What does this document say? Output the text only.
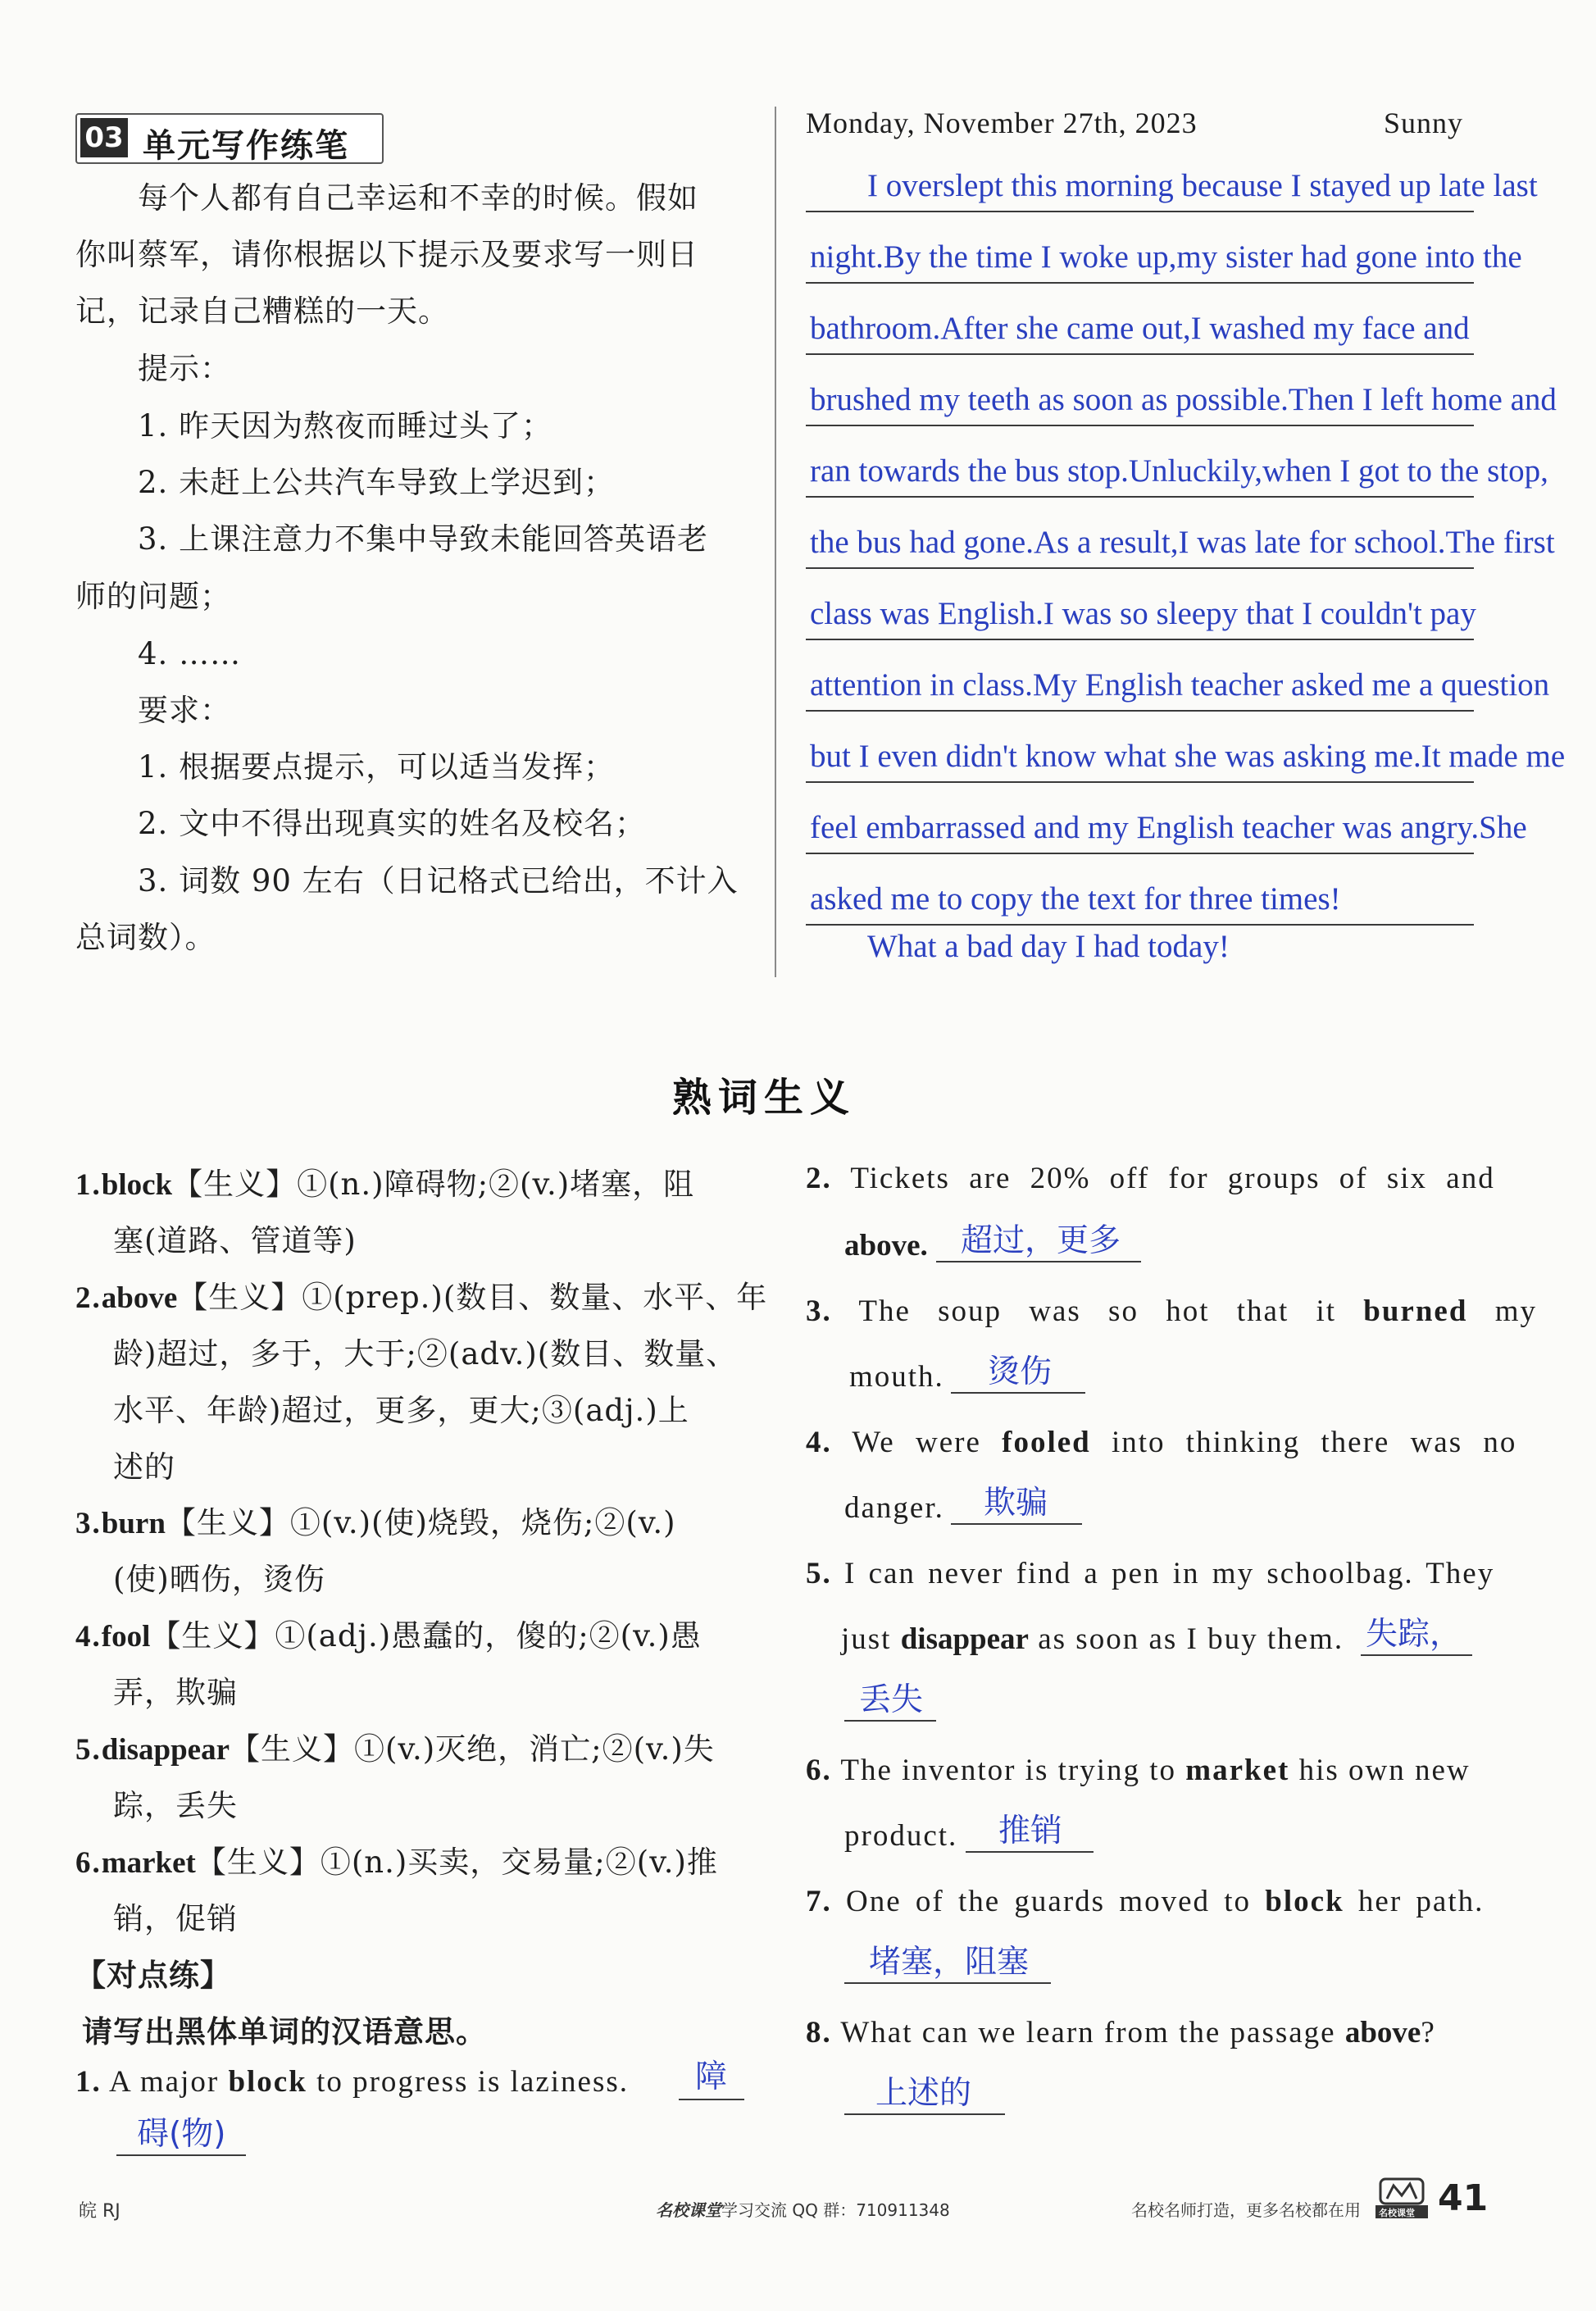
03 单元写作练笔
每个人都有自己幸运和不幸的时候。假如
你叫蔡军，请你根据以下提示及要求写一则日
记，记录自己糟糕的一天。
提示：
1. 昨天因为熬夜而睡过头了；
2. 未赶上公共汽车导致上学迟到；
3. 上课注意力不集中导致未能回答英语老
师的问题；
4. ……
要求：
1. 根据要点提示，可以适当发挥；
2. 文中不得出现真实的姓名及校名；
3. 词数 90 左右（日记格式已给出，不计入
总词数）。
Monday, November 27th, 2023	Sunny
I overslept this morning because I stayed up late last
night.By the time I woke up,my sister had gone into the
bathroom.After she came out,I washed my face and
brushed my teeth as soon as possible.Then I left home and
ran towards the bus stop.Unluckily,when I got to the stop,
the bus had gone.As a result,I was late for school.The first
class was English.I was so sleepy that I couldn't pay
attention in class.My English teacher asked me a question
but I even didn't know what she was asking me.It made me
feel embarrassed and my English teacher was angry.She
asked me to copy the text for three times!
What a bad day I had today!
熟词生义
1.block【生义】①(n.)障碍物;②(v.)堵塞，阻
塞(道路、管道等)
2.above【生义】①(prep.)(数目、数量、水平、年
龄)超过，多于，大于;②(adv.)(数目、数量、
水平、年龄)超过，更多，更大;③(adj.)上
述的
3.burn【生义】①(v.)(使)烧毁，烧伤;②(v.)
(使)晒伤，烫伤
4.fool【生义】①(adj.)愚蠢的，傻的;②(v.)愚
弄，欺骗
5.disappear【生义】①(v.)灭绝，消亡;②(v.)失
踪，丢失
6.market【生义】①(n.)买卖，交易量;②(v.)推
销，促销
【对点练】
请写出黑体单词的汉语意思。
1. A major block to progress is laziness. 障
碍(物)
2. Tickets are 20% off for groups of six and
above. 超过，更多
3. The soup was so hot that it burned my
mouth. 烫伤
4. We were fooled into thinking there was no
danger. 欺骗
5. I can never find a pen in my schoolbag. They
just disappear as soon as I buy them. 失踪，
丢失
6. The inventor is trying to market his own new
product. 推销
7. One of the guards moved to block her path.
堵塞，阻塞
8. What can we learn from the passage above?
上述的
皖 RJ	名校课堂学习交流 QQ 群：710911348	名校名师打造，更多名校都在用 名校课堂 41
